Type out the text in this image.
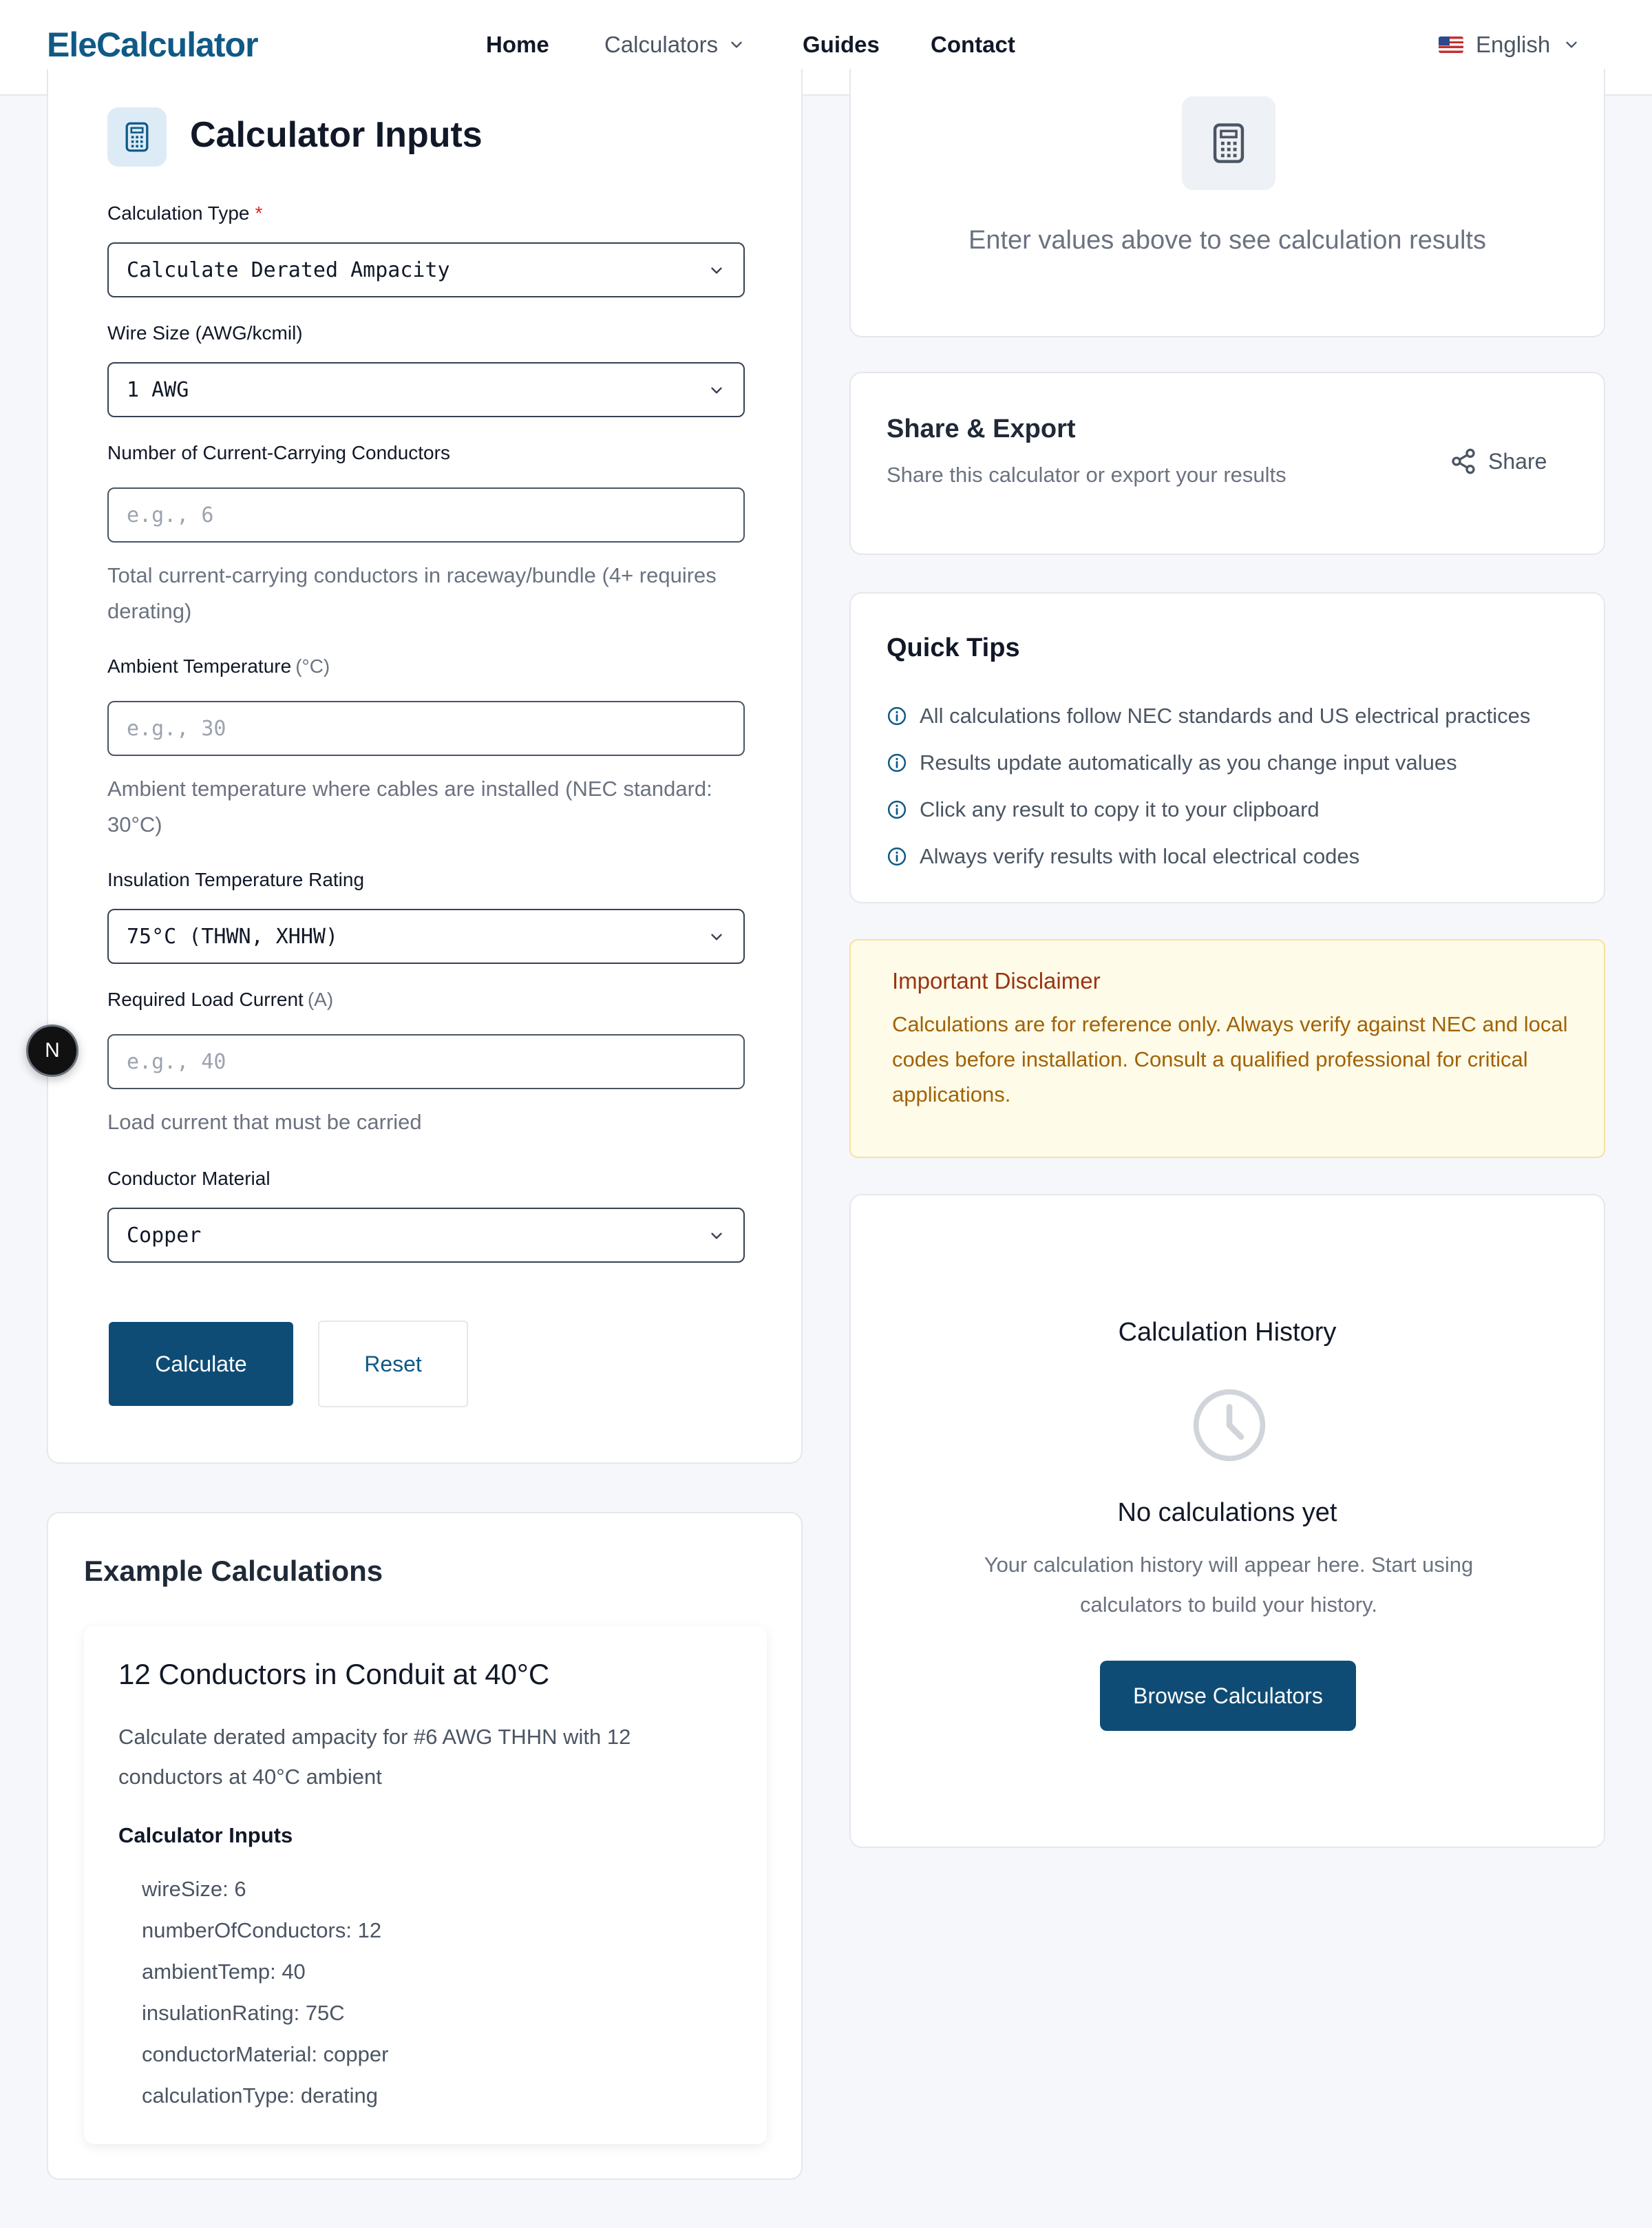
EleCalculator	Home Calculators	Guides Contact	English
Calculator Inputs
Calculation Type *
Calculate Derated Ampacity
Wire Size (AWG/kcmil)
1 AWG
Number of Current-Carrying Conductors
e.g., 6
Total current-carrying conductors in raceway/bundle (4+ requires derating)
Ambient Temperature (°C)
e.g., 30
Ambient temperature where cables are installed (NEC standard: 30°C)
Insulation Temperature Rating
75°C (THWN, XHHW)
Required Load Current (A)
e.g., 40
Load current that must be carried
Conductor Material
Copper
Calculate	Reset
Example Calculations
12 Conductors in Conduit at 40°C
Calculate derated ampacity for #6 AWG THHN with 12 conductors at 40°C ambient
Calculator Inputs
wireSize: 6
numberOfConductors: 12
ambientTemp: 40
insulationRating: 75C
conductorMaterial: copper
calculationType: derating
Enter values above to see calculation results
Share & Export
Share this calculator or export your results
Share
Quick Tips
All calculations follow NEC standards and US electrical practices
Results update automatically as you change input values
Click any result to copy it to your clipboard
Always verify results with local electrical codes
Important Disclaimer
Calculations are for reference only. Always verify against NEC and local codes before installation. Consult a qualified professional for critical applications.
Calculation History
No calculations yet
Your calculation history will appear here. Start using calculators to build your history.
Browse Calculators
N
